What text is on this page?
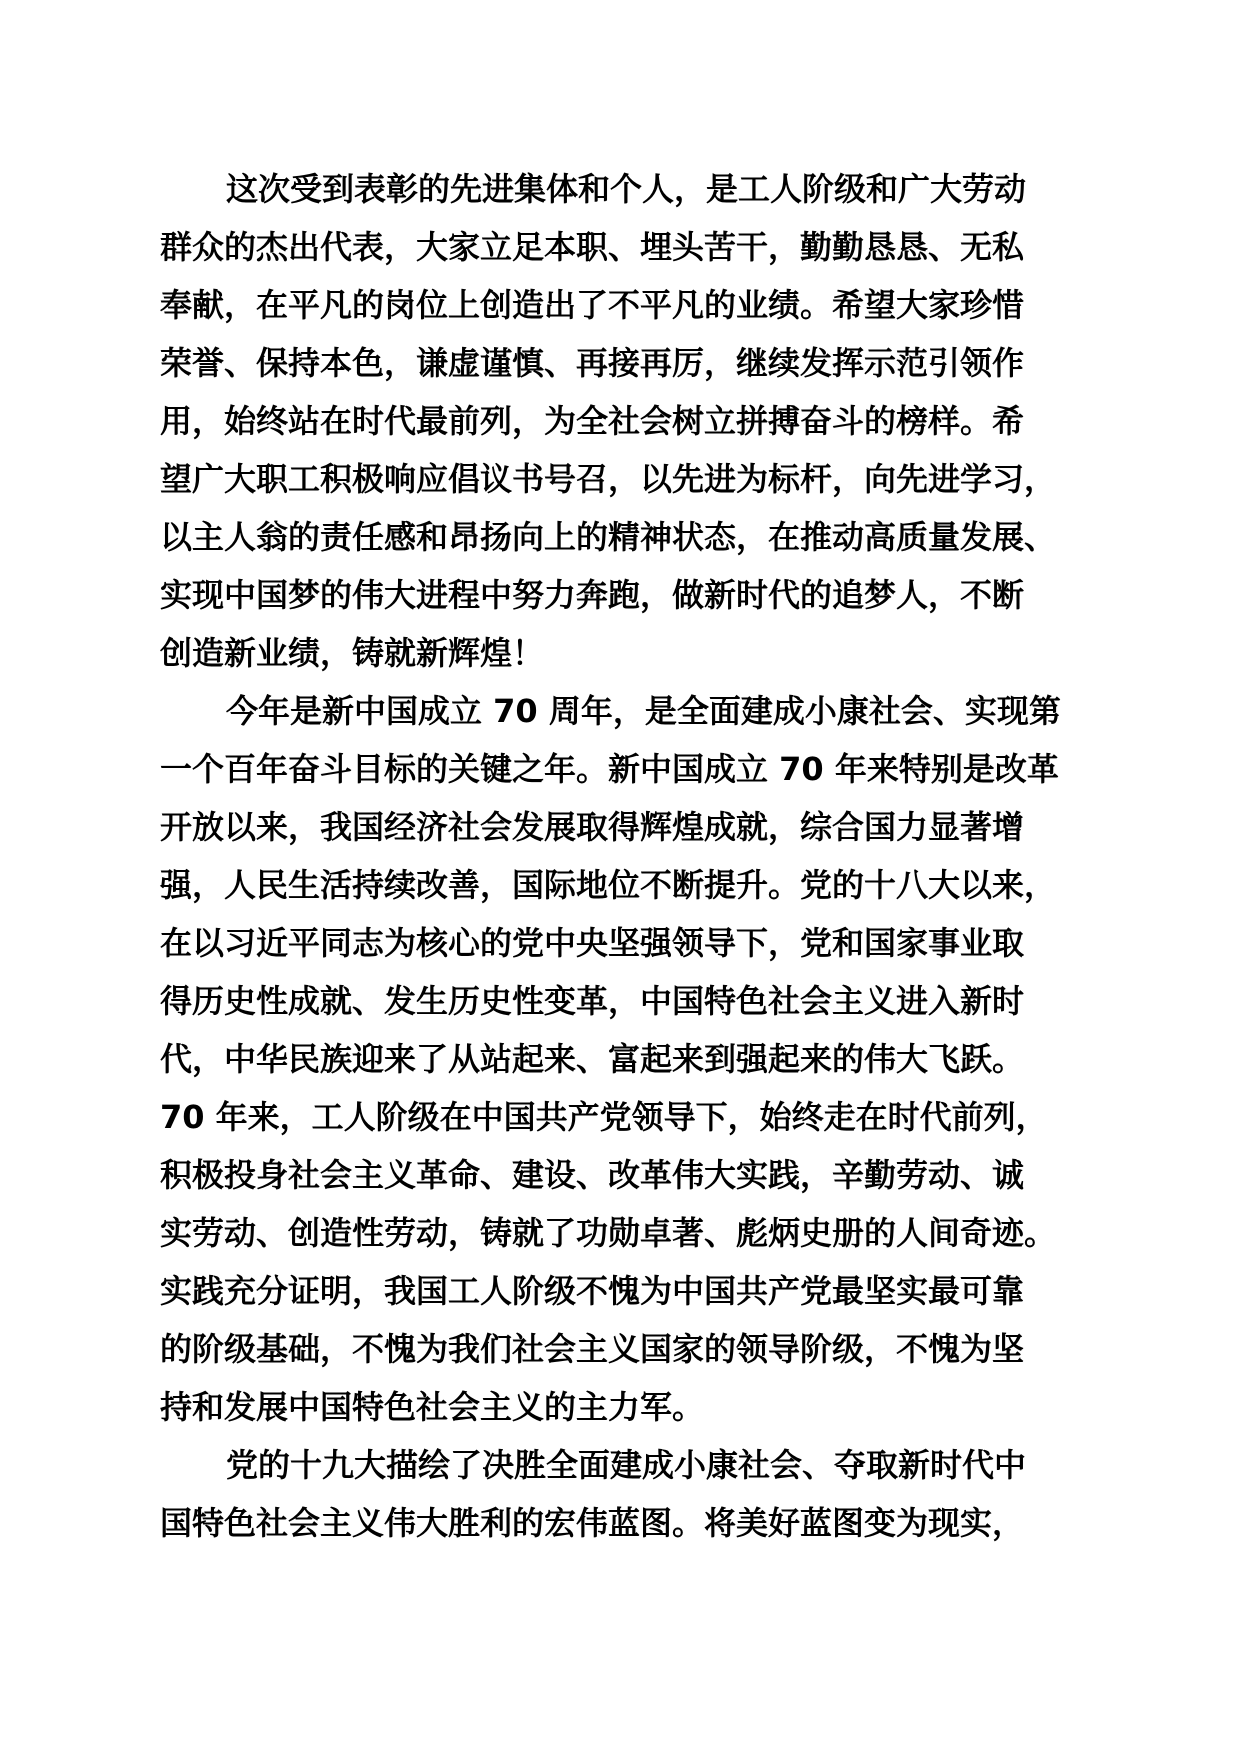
这次受到表彰的先进集体和个人，是工人阶级和广大劳动

群众的杰出代表，大家立足本职、埋头苦干，勤勤恳恳、无私

奉献，在平凡的岗位上创造出了不平凡的业绩。希望大家珍惜

荣誉、保持本色，谦虚谨慎、再接再厉，继续发挥示范引领作

用，始终站在时代最前列，为全社会树立拼搏奋斗的榜样。希

望广大职工积极响应倡议书号召，以先进为标杆，向先进学习，

以主人翁的责任感和昂扬向上的精神状态，在推动高质量发展、

实现中国梦的伟大进程中努力奔跑，做新时代的追梦人，不断

创造新业绩，铸就新辉煌！

今年是新中国成立 70 周年，是全面建成小康社会、实现第

一个百年奋斗目标的关键之年。新中国成立 70 年来特别是改革

开放以来，我国经济社会发展取得辉煌成就，综合国力显著增

强，人民生活持续改善，国际地位不断提升。党的十八大以来，

在以习近平同志为核心的党中央坚强领导下，党和国家事业取

得历史性成就、发生历史性变革，中国特色社会主义进入新时

代，中华民族迎来了从站起来、富起来到强起来的伟大飞跃。

70 年来，工人阶级在中国共产党领导下，始终走在时代前列，

积极投身社会主义革命、建设、改革伟大实践，辛勤劳动、诚

实劳动、创造性劳动，铸就了功勋卓著、彪炳史册的人间奇迹。

实践充分证明，我国工人阶级不愧为中国共产党最坚实最可靠

的阶级基础，不愧为我们社会主义国家的领导阶级，不愧为坚

持和发展中国特色社会主义的主力军。

党的十九大描绘了决胜全面建成小康社会、夺取新时代中

国特色社会主义伟大胜利的宏伟蓝图。将美好蓝图变为现实，
